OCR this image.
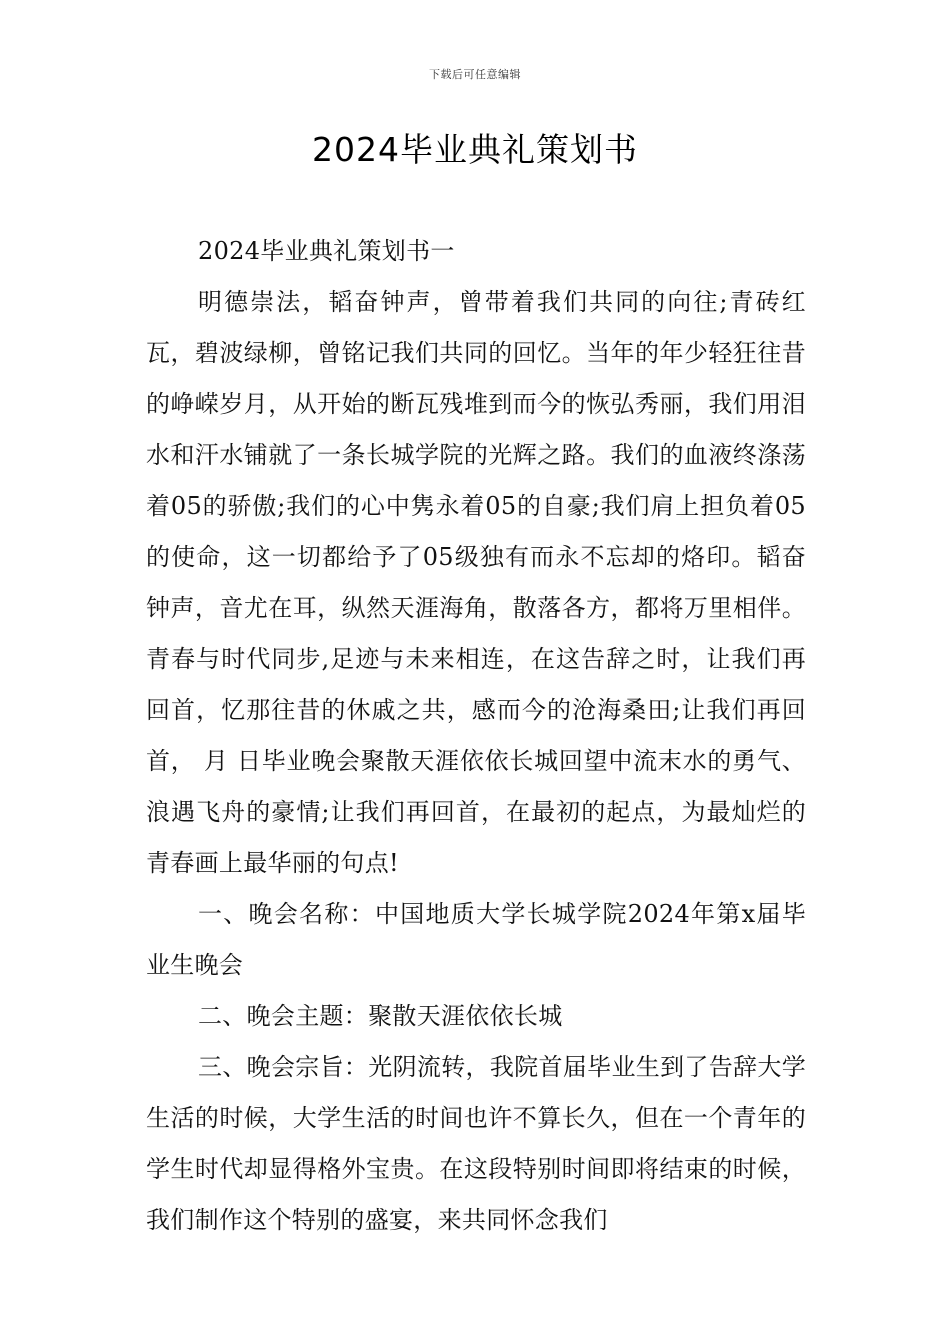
下载后可任意编辑
2024毕业典礼策划书

2024毕业典礼策划书一

明德崇法，韬奋钟声，曾带着我们共同的向往;青砖红瓦，碧波绿柳，曾铭记我们共同的回忆。当年的年少轻狂往昔的峥嵘岁月，从开始的断瓦残堆到而今的恢弘秀丽，我们用泪水和汗水铺就了一条长城学院的光辉之路。我们的血液终涤荡着05的骄傲;我们的心中隽永着05的自豪;我们肩上担负着05的使命，这一切都给予了05级独有而永不忘却的烙印。韬奋钟声，音尤在耳，纵然天涯海角，散落各方，都将万里相伴。青春与时代同步,足迹与未来相连，在这告辞之时，让我们再回首，忆那往昔的休戚之共，感而今的沧海桑田;让我们再回首， 月 日毕业晚会聚散天涯依依长城回望中流末水的勇气、浪遇飞舟的豪情;让我们再回首，在最初的起点，为最灿烂的青春画上最华丽的句点!

一、晚会名称：中国地质大学长城学院2024年第x届毕业生晚会

二、晚会主题：聚散天涯依依长城

三、晚会宗旨：光阴流转，我院首届毕业生到了告辞大学生活的时候，大学生活的时间也许不算长久，但在一个青年的学生时代却显得格外宝贵。在这段特别时间即将结束的时候，我们制作这个特别的盛宴，来共同怀念我们
